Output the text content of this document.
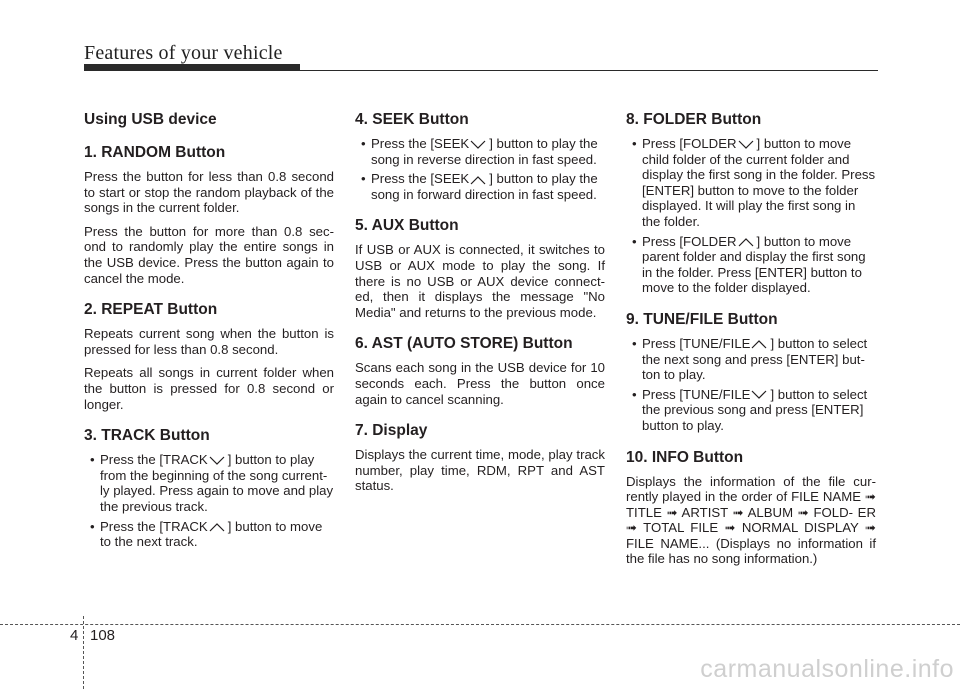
Features of your vehicle
Using USB device
1. RANDOM Button

Press the button for less than 0.8 second to start or stop the random playback of the songs in the current folder.

Press the button for more than 0.8 sec- ond to randomly play the entire songs in the USB device. Press the button again to cancel the mode.

2. REPEAT Button

Repeats current song when the button is pressed for less than 0.8 second.

Repeats all songs in current folder when the button is pressed for 0.8 second or longer.

3. TRACK Button
• Press the [TRACK ] button to play from the beginning of the song current- ly played. Press again to move and play the previous track.
• Press the [TRACK ] button to move to the next track.
4. SEEK Button
• Press the [SEEK ] button to play the song in reverse direction in fast speed.
• Press the [SEEK ] button to play the song in forward direction in fast speed.
5. AUX Button

If USB or AUX is connected, it switches to USB or AUX mode to play the song. If there is no USB or AUX device connect- ed, then it displays the message "No Media" and returns to the previous mode.

6. AST (AUTO STORE) Button

Scans each song in the USB device for 10 seconds each. Press the button once again to cancel scanning.

7. Display

Displays the current time, mode, play track number, play time, RDM, RPT and AST status.

8. FOLDER Button
• Press [FOLDER ] button to move child folder of the current folder and display the first song in the folder. Press [ENTER] button to move to the folder displayed. It will play the first song in the folder.
• Press [FOLDER ] button to move parent folder and display the first song in the folder. Press [ENTER] button to move to the folder displayed.
9. TUNE/FILE Button
• Press [TUNE/FILE ] button to select the next song and press [ENTER] but- ton to play.
• Press [TUNE/FILE ] button to select the previous song and press [ENTER] button to play.
10. INFO Button

Displays the information of the file cur- rently played in the order of FILE NAME ➟ TITLE ➟ ARTIST ➟ ALBUM ➟ FOLD- ER ➟ TOTAL FILE ➟ NORMAL DISPLAY ➟ FILE NAME... (Displays no information if the file has no song information.)

4 108
carmanualsonline.info
